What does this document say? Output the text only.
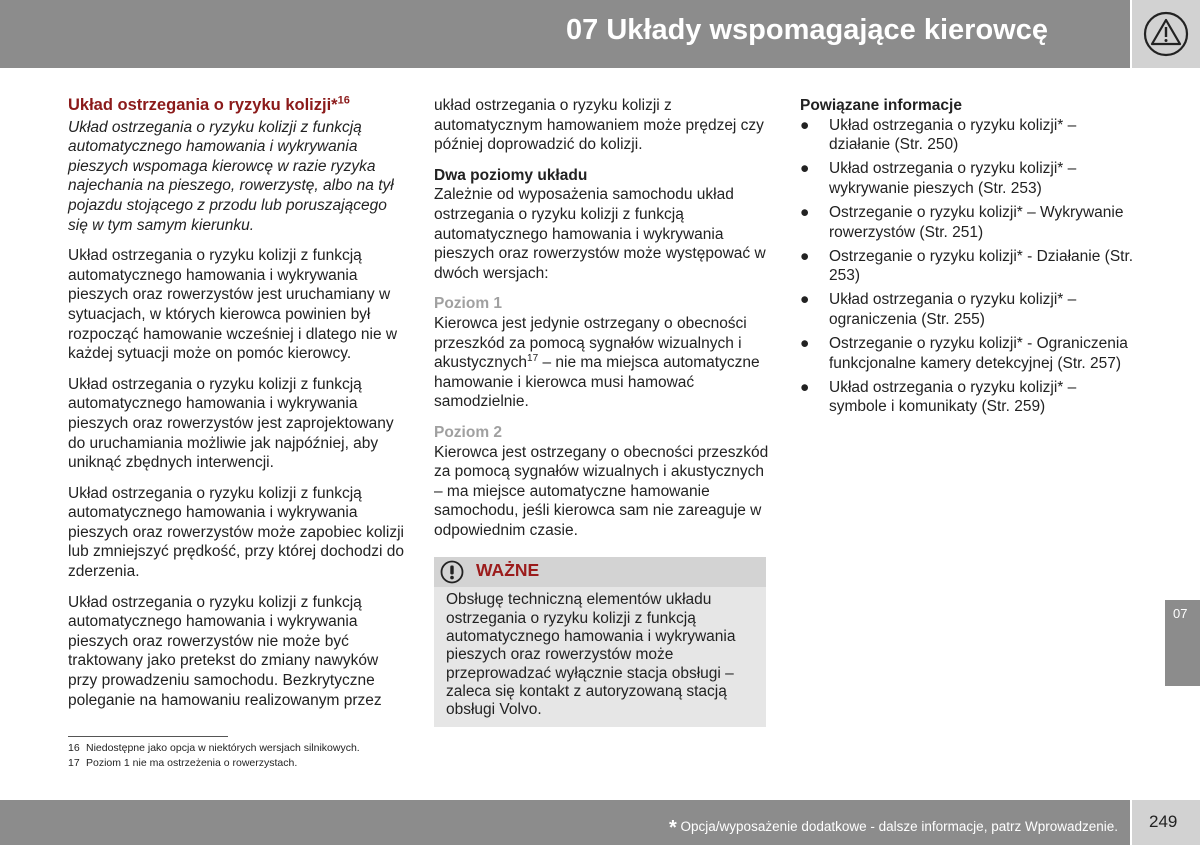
07 Układy wspomagające kierowcę
Układ ostrzegania o ryzyku kolizji*$^{16}$

Układ ostrzegania o ryzyku kolizji z funkcją automatycznego hamowania i wykrywania pieszych wspomaga kierowcę w razie ryzyka najechania na pieszego, rowerzystę, albo na tył pojazdu stojącego z przodu lub poruszającego się w tym samym kierunku.

Układ ostrzegania o ryzyku kolizji z funkcją automatycznego hamowania i wykrywania pieszych oraz rowerzystów jest uruchamiany w sytuacjach, w których kierowca powinien był rozpocząć hamowanie wcześniej i dlatego nie w każdej sytuacji może on pomóc kierowcy.

Układ ostrzegania o ryzyku kolizji z funkcją automatycznego hamowania i wykrywania pieszych oraz rowerzystów jest zaprojektowany do uruchamiania możliwie jak najpóźniej, aby uniknąć zbędnych interwencji.

Układ ostrzegania o ryzyku kolizji z funkcją automatycznego hamowania i wykrywania pieszych oraz rowerzystów może zapobiec kolizji lub zmniejszyć prędkość, przy której dochodzi do zderzenia.

Układ ostrzegania o ryzyku kolizji z funkcją automatycznego hamowania i wykrywania pieszych oraz rowerzystów nie może być traktowany jako pretekst do zmiany nawyków przy prowadzeniu samochodu. Bezkrytyczne poleganie na hamowaniu realizowanym przez

układ ostrzegania o ryzyku kolizji z automatycznym hamowaniem może prędzej czy później doprowadzić do kolizji.

Dwa poziomy układu

Zależnie od wyposażenia samochodu układ ostrzegania o ryzyku kolizji z funkcją automatycznego hamowania i wykrywania pieszych oraz rowerzystów może występować w dwóch wersjach:

Poziom 1

Kierowca jest jedynie ostrzegany o obecności przeszkód za pomocą sygnałów wizualnych i akustycznych$^{17}$ – nie ma miejsca automatyczne hamowanie i kierowca musi hamować samodzielnie.

Poziom 2

Kierowca jest ostrzegany o obecności przeszkód za pomocą sygnałów wizualnych i akustycznych – ma miejsce automatyczne hamowanie samochodu, jeśli kierowca sam nie zareaguje w odpowiednim czasie.

WAŻNE
Obsługę techniczną elementów układu ostrzegania o ryzyku kolizji z funkcją automatycznego hamowania i wykrywania pieszych oraz rowerzystów może przeprowadzać wyłącznie stacja obsługi – zaleca się kontakt z autoryzowaną stacją obsługi Volvo.
Powiązane informacje
● Układ ostrzegania o ryzyku kolizji* – działanie (Str. 250)
● Układ ostrzegania o ryzyku kolizji* – wykrywanie pieszych (Str. 253)
● Ostrzeganie o ryzyku kolizji* – Wykrywanie rowerzystów (Str. 251)
● Ostrzeganie o ryzyku kolizji* - Działanie (Str. 253)
● Układ ostrzegania o ryzyku kolizji* – ograniczenia (Str. 255)
● Ostrzeganie o ryzyku kolizji* - Ograniczenia funkcjonalne kamery detekcyjnej (Str. 257)
● Układ ostrzegania o ryzyku kolizji* – symbole i komunikaty (Str. 259)
16 Niedostępne jako opcja w niektórych wersjach silnikowych.
17 Poziom 1 nie ma ostrzeżenia o rowerzystach.
07
* Opcja/wyposażenie dodatkowe - dalsze informacje, patrz Wprowadzenie. 249
